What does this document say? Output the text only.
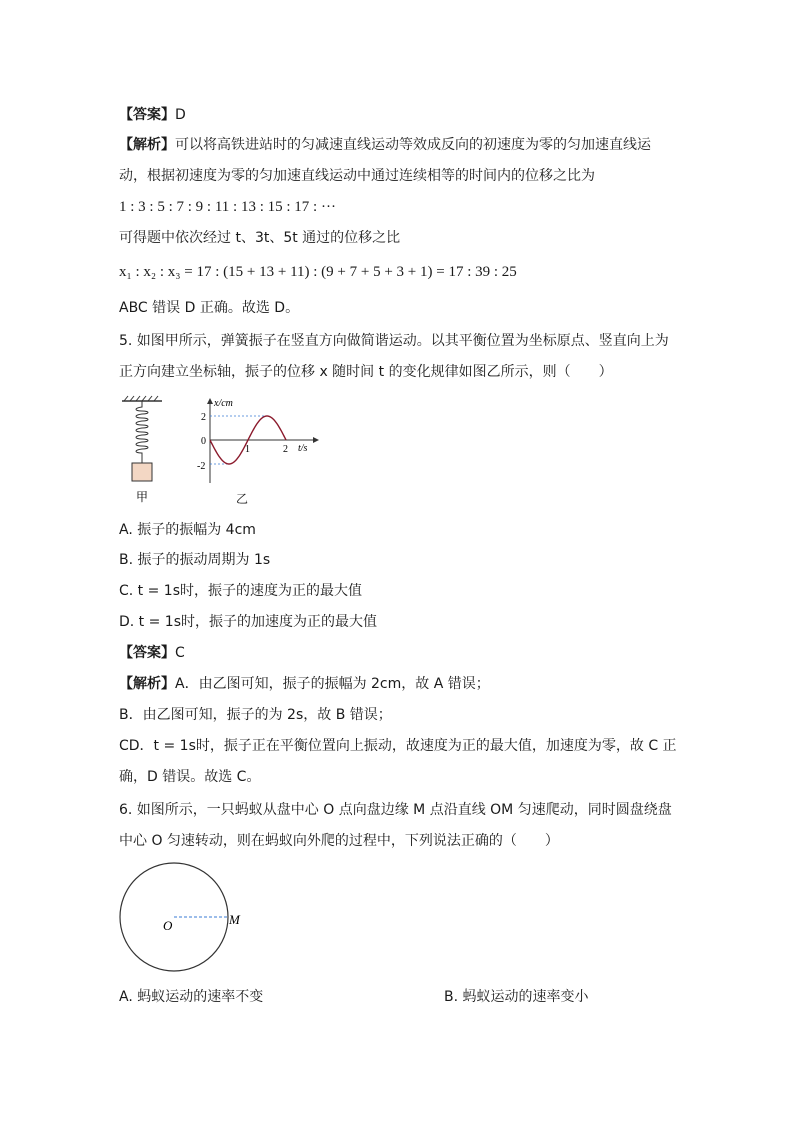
【答案】D
【解析】可以将高铁进站时的匀减速直线运动等效成反向的初速度为零的匀加速直线运
动，根据初速度为零的匀加速直线运动中通过连续相等的时间内的位移之比为
1 : 3 : 5 : 7 : 9 : 11 : 13 : 15 : 17 : ···
可得题中依次经过 t、3t、5t 通过的位移之比
x₁ : x₂ : x₃ = 17 : (15 + 13 + 11) : (9 + 7 + 5 + 3 + 1) = 17 : 39 : 25
ABC 错误 D 正确。故选 D。
5. 如图甲所示，弹簧振子在竖直方向做简谐运动。以其平衡位置为坐标原点、竖直向上为
正方向建立坐标轴，振子的位移 x 随时间 t 的变化规律如图乙所示，则（　　）
甲
x/cm
t/s
2
0
-2
1	2
乙
A. 振子的振幅为 4cm
B. 振子的振动周期为 1s
C. t = 1s时，振子的速度为正的最大值
D. t = 1s时，振子的加速度为正的最大值
【答案】C
【解析】A．由乙图可知，振子的振幅为 2cm，故 A 错误；
B．由乙图可知，振子的为 2s，故 B 错误；
CD．t = 1s时，振子正在平衡位置向上振动，故速度为正的最大值，加速度为零，故 C 正
确，D 错误。故选 C。
6. 如图所示，一只蚂蚁从盘中心 O 点向盘边缘 M 点沿直线 OM 匀速爬动，同时圆盘绕盘
中心 O 匀速转动，则在蚂蚁向外爬的过程中，下列说法正确的（　　）
O	M
A. 蚂蚁运动的速率不变	B. 蚂蚁运动的速率变小
